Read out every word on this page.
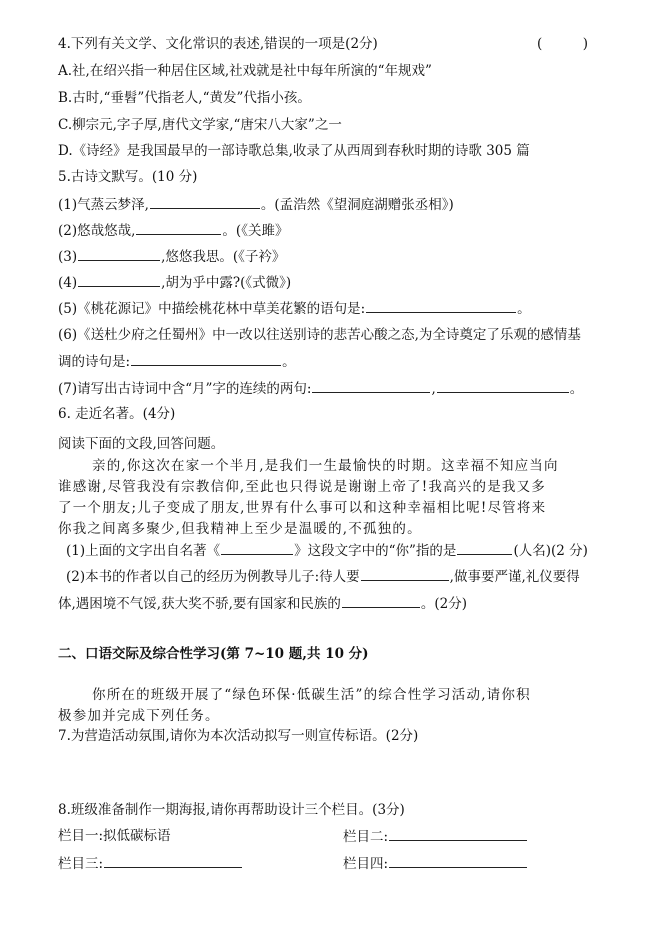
4.下列有关文学、文化常识的表述,错误的一项是(2分)	(　　　)
A.社,在绍兴指一种居住区域,社戏就是社中每年所演的“年规戏”
B.古时,“垂髫”代指老人,“黄发”代指小孩。
C.柳宗元,字子厚,唐代文学家,“唐宋八大家”之一
D.《诗经》是我国最早的一部诗歌总集,收录了从西周到春秋时期的诗歌 305 篇
5.古诗文默写。(10 分)
(1)气蒸云梦泽,	。(孟浩然《望洞庭湖赠张丞相》)
(2)悠哉悠哉,	。(《关雎》
(3)	,悠悠我思。(《子衿》
(4)	,胡为乎中露?(《式微》)
(5)《桃花源记》中描绘桃花林中草美花繁的语句是:	。
(6)《送杜少府之任蜀州》中一改以往送别诗的悲苦心酸之态,为全诗奠定了乐观的感情基
调的诗句是:	。
(7)请写出古诗词中含“月”字的连续的两句:	,	。
6. 走近名著。(4分)
阅读下面的文段,回答问题。
亲的,你这次在家一个半月,是我们一生最愉快的时期。这幸福不知应当向
谁感谢,尽管我没有宗教信仰,至此也只得说是谢谢上帝了!我高兴的是我又多
了一个朋友;儿子变成了朋友,世界有什么事可以和这种幸福相比呢!尽管将来
你我之间离多聚少,但我精神上至少是温暖的,不孤独的。
(1)上面的文字出自名著《	》这段文字中的“你”指的是	(人名)(2 分)
(2)本书的作者以自己的经历为例教导儿子:待人要	,做事要严谨,礼仪要得
体,遇困境不气馁,获大奖不骄,要有国家和民族的	。(2分)
二、口语交际及综合性学习(第 7~10 题,共 10 分)
你所在的班级开展了“绿色环保·低碳生活”的综合性学习活动,请你积
极参加并完成下列任务。
7.为营造活动氛围,请你为本次活动拟写一则宣传标语。(2分)
8.班级准备制作一期海报,请你再帮助设计三个栏目。(3分)
栏目一:拟低碳标语	栏目二:
栏目三:	栏目四:
